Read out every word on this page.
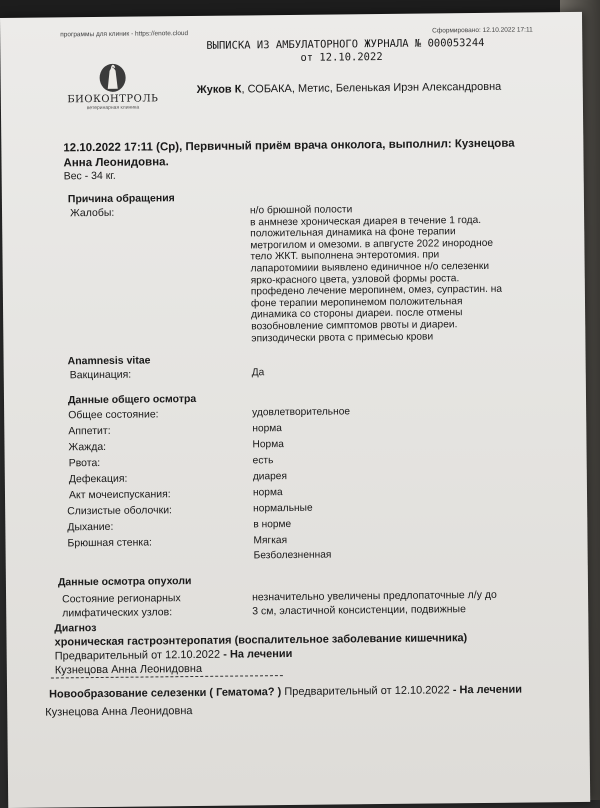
программы для клиник - https://enote.cloud	Сформировано: 12.10.2022 17:11
БИОКОНТРОЛЬ
ветеринарная клиника
ВЫПИСКА ИЗ АМБУЛАТОРНОГО ЖУРНАЛА № 000053244
от 12.10.2022
Жуков К, СОБАКА, Метис, Беленькая Ирэн Александровна
12.10.2022 17:11 (Ср), Первичный приём врача онколога, выполнил: Кузнецова Анна Леонидовна.
Вес - 34 кг.
Причина обращения
Жалобы:	н/о брюшной полости
в анмнезе хроническая диарея в течение 1 года.
положительная динамика на фоне терапии
метрогилом и омезоми. в апвгусте 2022 инородное
тело ЖКТ. выполнена энтеротомия. при
лапаротомиии выявлено единичное н/о селезенки
ярко-красного цвета, узловой формы роста.
профедено лечение меропинем, омез, супрастин. на
фоне терапии меропинемом положительная
динамика со стороны диареи. после отмены
возобновление симптомов рвоты и диареи.
эпизодически рвота с примесью крови
Anamnesis vitae
Вакцинация:	Да
Данные общего осмотра
Общее состояние:	удовлетворительное
Аппетит:	норма
Жажда:	Норма
Рвота:	есть
Дефекация:	диарея
Акт мочеиспускания:	норма
Слизистые оболочки:	нормальные
Дыхание:	в норме
Брюшная стенка:	Мягкая
Безболезненная
Данные осмотра опухоли
Состояние регионарных
лимфатических узлов:
незначительно увеличены предлопаточные л/у до
3 см, эластичной консистенции, подвижные
Диагноз
хроническая гастроэнтеропатия (воспалительное заболевание кишечника)
Предварительный от 12.10.2022 - На лечении
Кузнецова Анна Леонидовна
Новообразование селезенки ( Гематома? ) Предварительный от 12.10.2022 - На лечении
Кузнецова Анна Леонидовна
